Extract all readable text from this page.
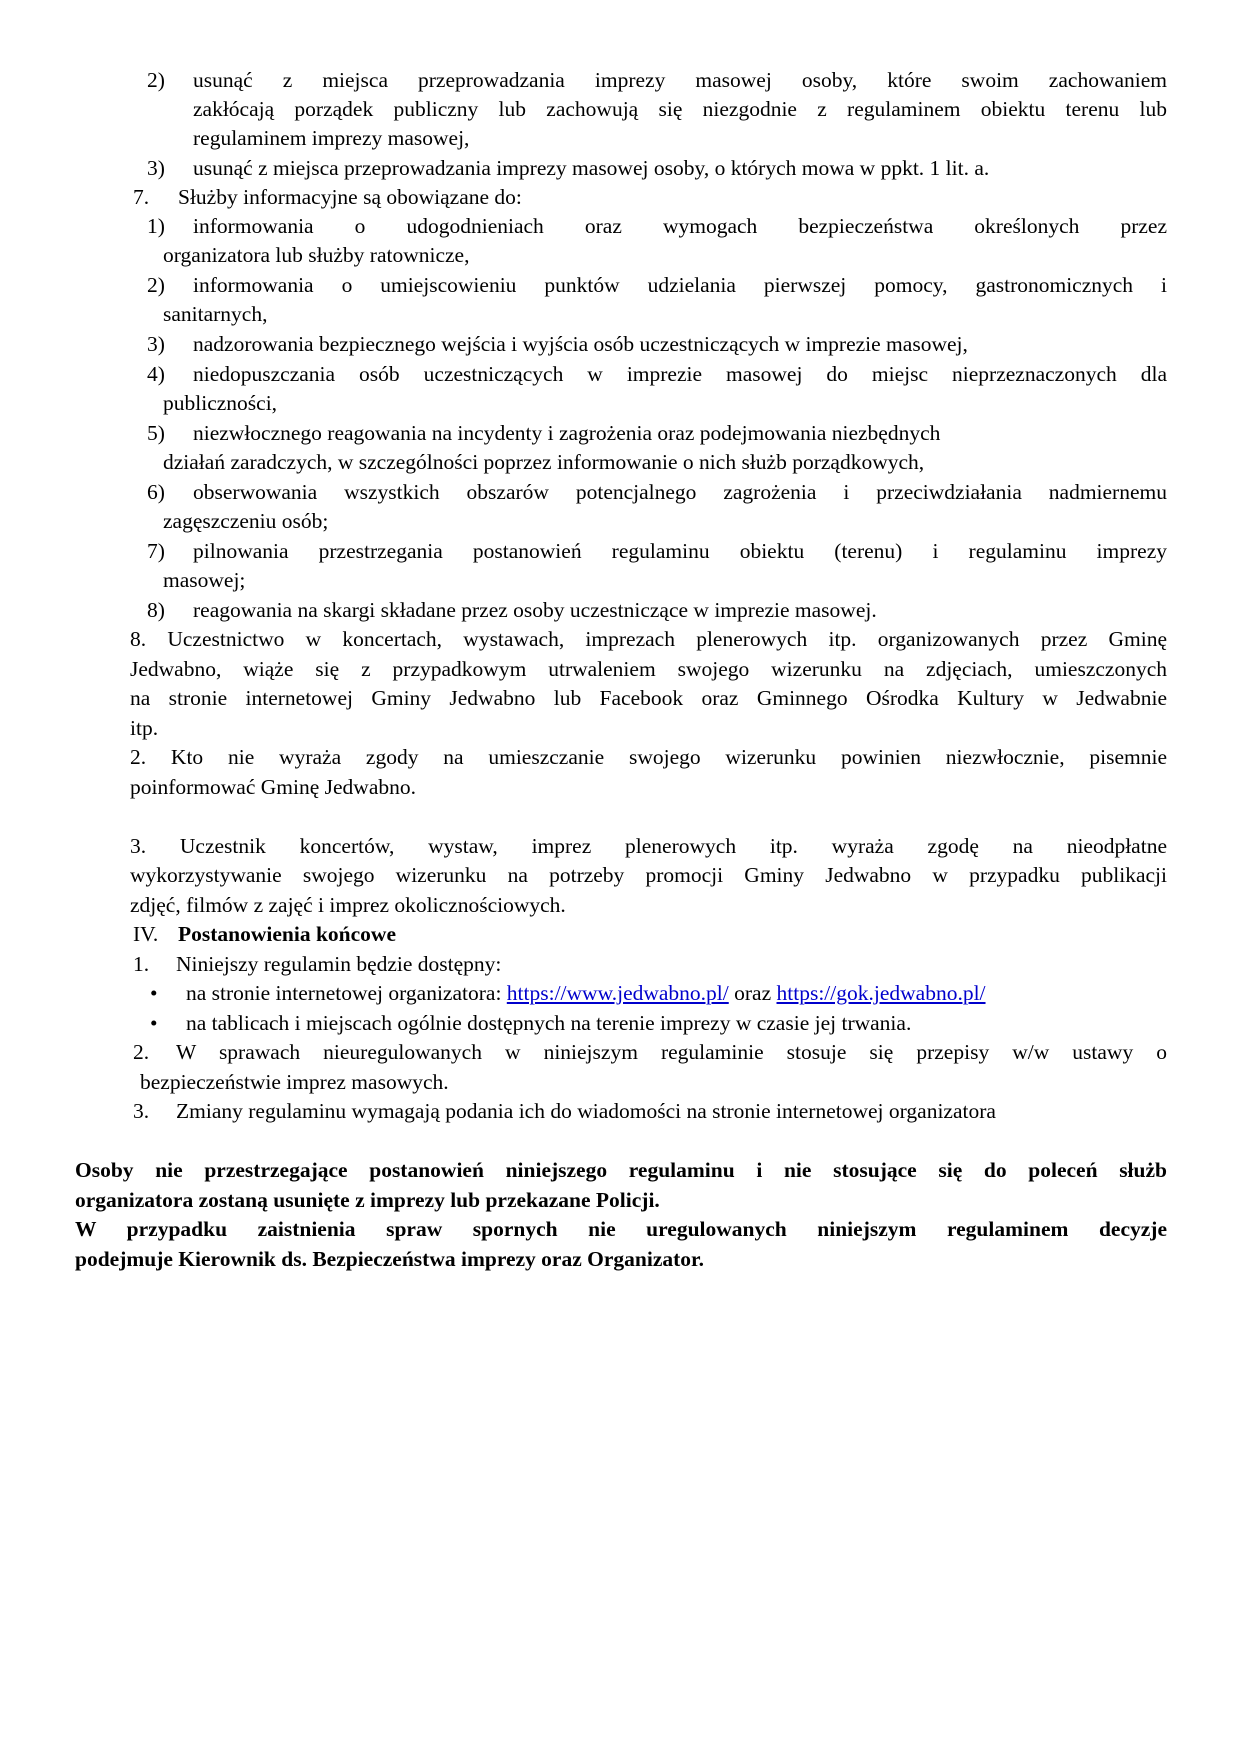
2) usunąć z miejsca przeprowadzania imprezy masowej osoby, które swoim zachowaniem
zakłócają porządek publiczny lub zachowują się niezgodnie z regulaminem obiektu terenu lub
regulaminem imprezy masowej,
3) usunąć z miejsca przeprowadzania imprezy masowej osoby, o których mowa w ppkt. 1 lit. a.
7. Służby informacyjne są obowiązane do:
1) informowania o udogodnieniach oraz wymogach bezpieczeństwa określonych przez
organizatora lub służby ratownicze,
2) informowania o umiejscowieniu punktów udzielania pierwszej pomocy, gastronomicznych i
sanitarnych,
3) nadzorowania bezpiecznego wejścia i wyjścia osób uczestniczących w imprezie masowej,
4) niedopuszczania osób uczestniczących w imprezie masowej do miejsc nieprzeznaczonych dla
publiczności,
5) niezwłocznego reagowania na incydenty i zagrożenia oraz podejmowania niezbędnych
działań zaradczych, w szczególności poprzez informowanie o nich służb porządkowych,
6) obserwowania wszystkich obszarów potencjalnego zagrożenia i przeciwdziałania nadmiernemu
zagęszczeniu osób;
7) pilnowania przestrzegania postanowień regulaminu obiektu (terenu) i regulaminu imprezy
masowej;
8) reagowania na skargi składane przez osoby uczestniczące w imprezie masowej.
8. Uczestnictwo w koncertach, wystawach, imprezach plenerowych itp. organizowanych przez Gminę
Jedwabno, wiąże się z przypadkowym utrwaleniem swojego wizerunku na zdjęciach, umieszczonych
na stronie internetowej Gminy Jedwabno lub Facebook oraz Gminnego Ośrodka Kultury w Jedwabnie
itp.
2. Kto nie wyraża zgody na umieszczanie swojego wizerunku powinien niezwłocznie, pisemnie
poinformować Gminę Jedwabno.
3. Uczestnik koncertów, wystaw, imprez plenerowych itp. wyraża zgodę na nieodpłatne
wykorzystywanie swojego wizerunku na potrzeby promocji Gminy Jedwabno w przypadku publikacji
zdjęć, filmów z zajęć i imprez okolicznościowych.
IV. Postanowienia końcowe
1. Niniejszy regulamin będzie dostępny:
• na stronie internetowej organizatora: https://www.jedwabno.pl/ oraz https://gok.jedwabno.pl/
• na tablicach i miejscach ogólnie dostępnych na terenie imprezy w czasie jej trwania.
2. W sprawach nieuregulowanych w niniejszym regulaminie stosuje się przepisy w/w ustawy o
bezpieczeństwie imprez masowych.
3. Zmiany regulaminu wymagają podania ich do wiadomości na stronie internetowej organizatora
Osoby nie przestrzegające postanowień niniejszego regulaminu i nie stosujące się do poleceń służb
organizatora zostaną usunięte z imprezy lub przekazane Policji.
W przypadku zaistnienia spraw spornych nie uregulowanych niniejszym regulaminem decyzje
podejmuje Kierownik ds. Bezpieczeństwa imprezy oraz Organizator.
